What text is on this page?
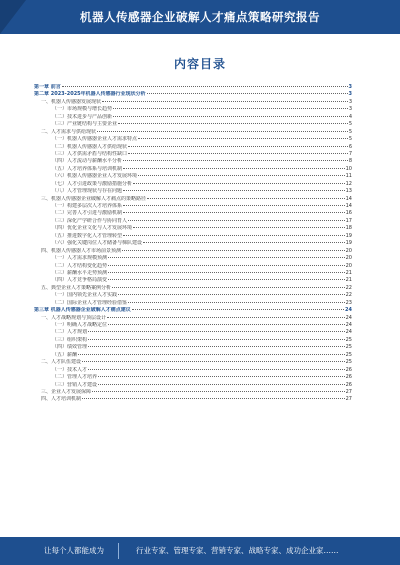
机器人传感器企业破解人才痛点策略研究报告
内容目录
第一章 前言	3
第二章 2023-2025年机器人传感器行业现状分析	3
一、机器人传感器发展现状	3
（一）市场规模与增长趋势	3
（二）技术进步与产品创新	4
（三）产业链结构与主要企业	5
二、人才需求与供给现状	5
（一）机器人传感器企业人才需求特点	5
（二）机器人传感器人才供给现状	6
（三）人才供需矛盾与结构性缺口	7
（四）人才流动与薪酬水平分析	8
（五）人才培养体系与培训机制	10
（六）机器人传感器企业人才发展环境	11
（七）人才引进政策与激励措施分析	12
（八）人才管理现状与存在问题	13
三、机器人传感器企业破解人才痛点的策略路径	14
（一）构建多层次人才培养体系	14
（二）完善人才引进与激励机制	16
（三）深化产学研合作与协同育人	17
（四）优化企业文化与人才发展环境	18
（五）推进数字化人才管理转型	19
（六）强化关键岗位人才储备与梯队建设	19
四、机器人传感器人才市场前景预测	20
（一）人才需求规模预测	20
（二）人才结构变化趋势	20
（三）薪酬水平走势预测	21
（四）人才竞争格局演变	21
五、典型企业人才策略案例分析	22
（一）国内领先企业人才实践	22
（二）国际企业人才管理经验借鉴	23
第三章 机器人传感器企业破解人才痛点建议	24
一、人才战略规划与顶层设计	24
（一）明确人才战略定位	24
（二）人才规划	24
（三）组织架构	25
（四）绩效管理	25
（五）薪酬	25
二、人才队伍建设	25
（一）技术人才	26
（二）管理人才培养	26
（三）营销人才建设	26
三、企业人才发展保障	27
四、人才培训机制	27
让每个人都能成为	行业专家、管理专家、营销专家、战略专家、成功企业家……
